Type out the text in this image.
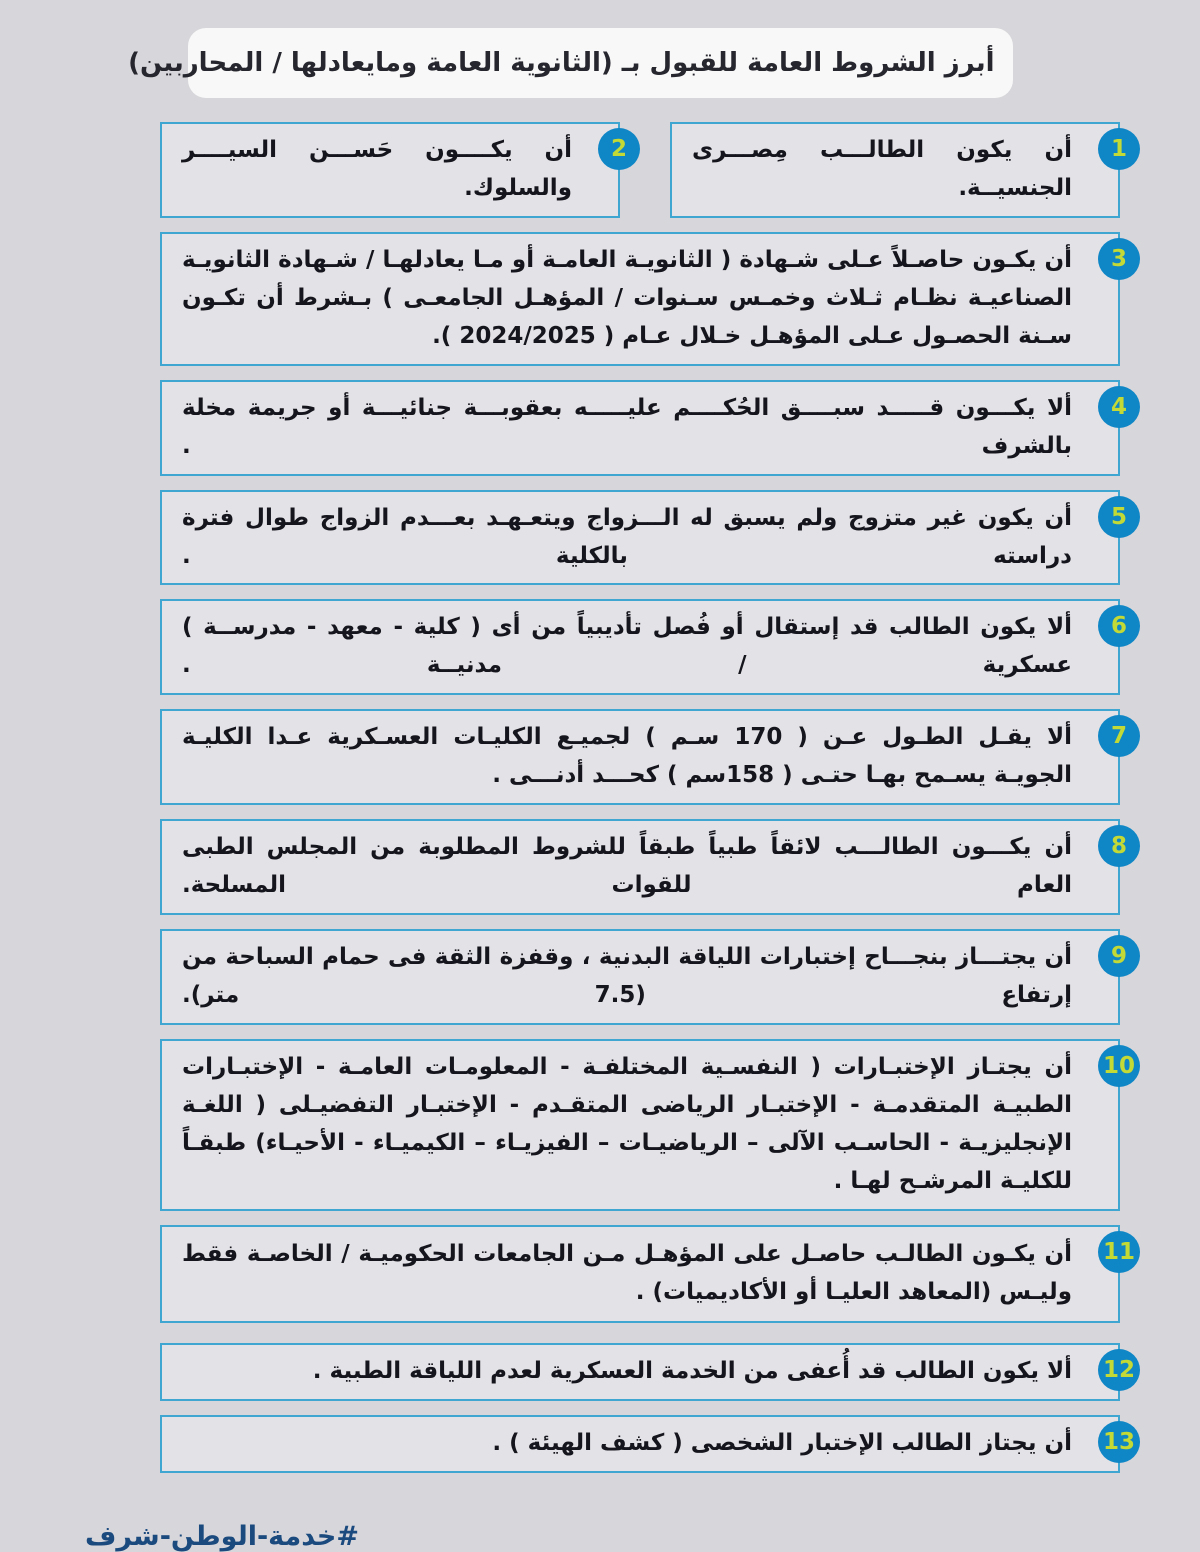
أبرز الشروط العامة للقبول بـ (الثانوية العامة ومايعادلها / المحاربين)
1

أن يكون الطالـــب مِصـــرى الجنسيــة.

2

أن يكــــون حَســـن السيــــر والسلوك.

3

أن يكـون حاصـلاً عـلى شـهادة ( الثانويـة العامـة أو مـا يعادلهـا / شـهادة الثانويـة الصناعيـة نظـام ثـلاث وخمـس سـنوات / المؤهـل الجامعـى ) بـشرط أن تكـون سـنة الحصـول عـلى المؤهـل خـلال عـام ( 2024/2025 ).

4

ألا يكـــون قـــــد سبــــق الحُكــــم عليـــــه بعقوبـــة جنائيـــة أو جريمة مخلة بالشرف .

5

أن يكون غير متزوج ولم يسبق له الـــزواج ويتعـهـد بعـــدم الزواج طوال فترة دراسته بالكلية .

6

ألا يكون الطالب قد إستقال أو فُصل تأديبياً من أى ( كلية - معهد - مدرســة ) عسكرية / مدنيــة .

7

ألا يقـل الطـول عـن ( 170 سـم ) لجميـع الكليـات العسـكرية عـدا الكليـة الجويـة يسـمح بهـا حتـى ( 158سم ) كحـــد أدنـــى .

8

أن يكـــون الطالـــب لائقاً طبياً طبقاً للشروط المطلوبة من المجلس الطبى العام للقوات المسلحة.

9

أن يجتـــاز بنجـــاح إختبارات اللياقة البدنية ، وقفزة الثقة فى حمام السباحة من إرتفاع (7.5 متر).

10

أن يجتـاز الإختبـارات ( النفسـية المختلفـة - المعلومـات العامـة - الإختبـارات الطبيـة المتقدمـة - الإختبـار الرياضى المتقـدم - الإختبـار التفضيـلى ( اللغـة الإنجليزيـة - الحاسـب الآلى – الرياضيـات – الفيزيـاء – الكيميـاء - الأحيـاء) طبقـاً للكليـة المرشـح لهـا .

11

أن يكـون الطالـب حاصـل على المؤهـل مـن الجامعات الحكوميـة / الخاصـة فقط وليـس (المعاهد العليـا أو الأكاديميات) .

12

ألا يكون الطالب قد أُعفى من الخدمة العسكرية لعدم اللياقة الطبية .

13

أن يجتاز الطالب الإختبار الشخصى ( كشف الهيئة ) .

#خدمة-الوطن-شرف
